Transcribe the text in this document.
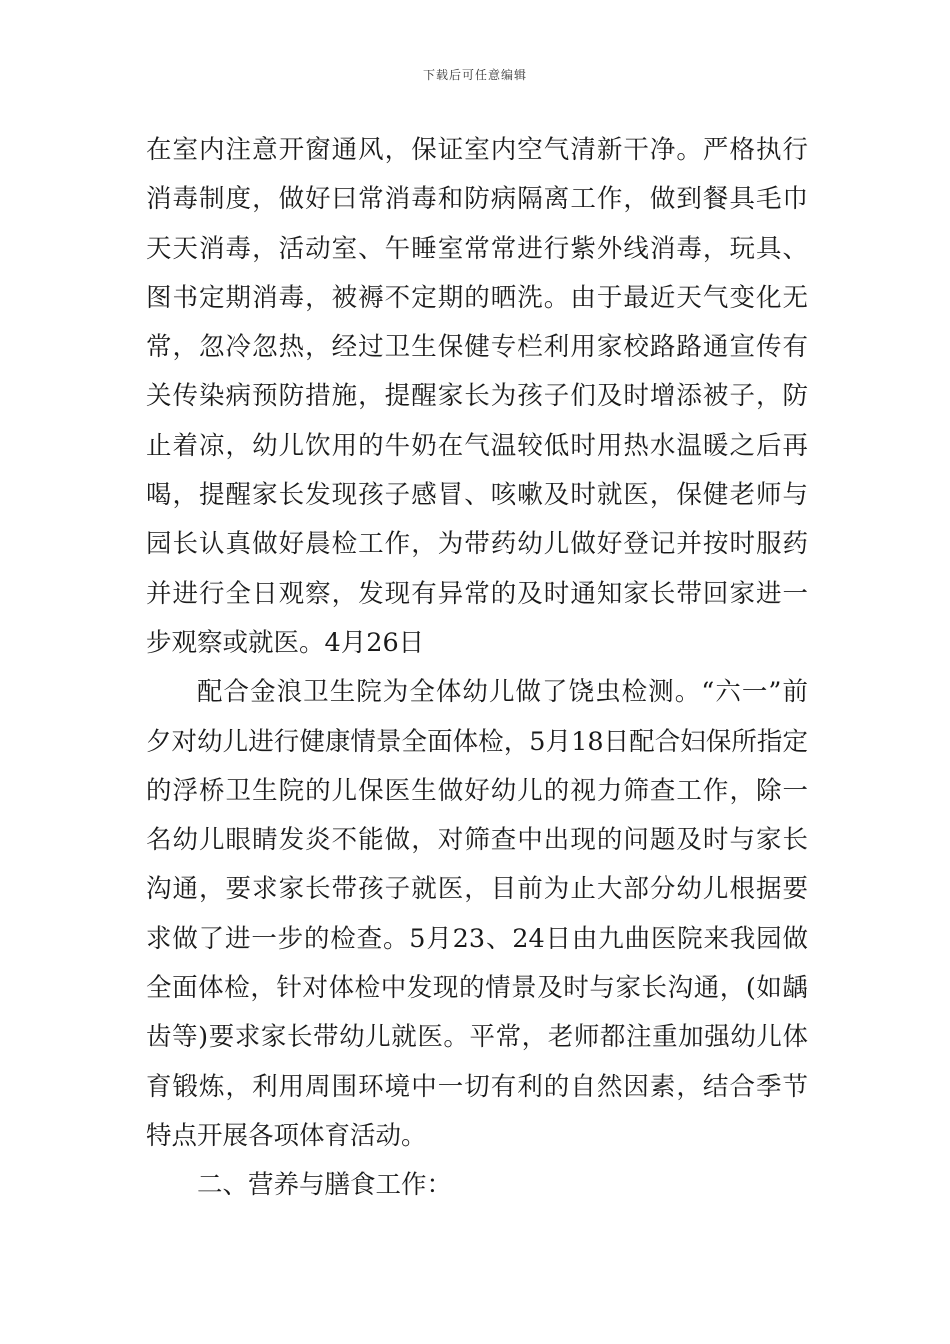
下载后可任意编辑

在室内注意开窗通风，保证室内空气清新干净。严格执行消毒制度，做好曰常消毒和防病隔离工作，做到餐具毛巾天天消毒，活动室、午睡室常常进行紫外线消毒，玩具、图书定期消毒，被褥不定期的晒洗。由于最近天气变化无常，忽冷忽热，经过卫生保健专栏利用家校路路通宣传有关传染病预防措施，提醒家长为孩子们及时增添被子，防止着凉，幼儿饮用的牛奶在气温较低时用热水温暖之后再喝，提醒家长发现孩子感冒、咳嗽及时就医，保健老师与园长认真做好晨检工作，为带药幼儿做好登记并按时服药并进行全日观察，发现有异常的及时通知家长带回家进一步观察或就医。4月26日

配合金浪卫生院为全体幼儿做了饶虫检测。“六一”前夕对幼儿进行健康情景全面体检，5月18日配合妇保所指定的浮桥卫生院的儿保医生做好幼儿的视力筛查工作，除一名幼儿眼睛发炎不能做，对筛查中出现的问题及时与家长沟通，要求家长带孩子就医，目前为止大部分幼儿根据要求做了进一步的检查。5月23、24日由九曲医院来我园做全面体检，针对体检中发现的情景及时与家长沟通，(如龋齿等)要求家长带幼儿就医。平常，老师都注重加强幼儿体育锻炼，利用周围环境中一切有利的自然因素，结合季节特点开展各项体育活动。

二、营养与膳食工作：
